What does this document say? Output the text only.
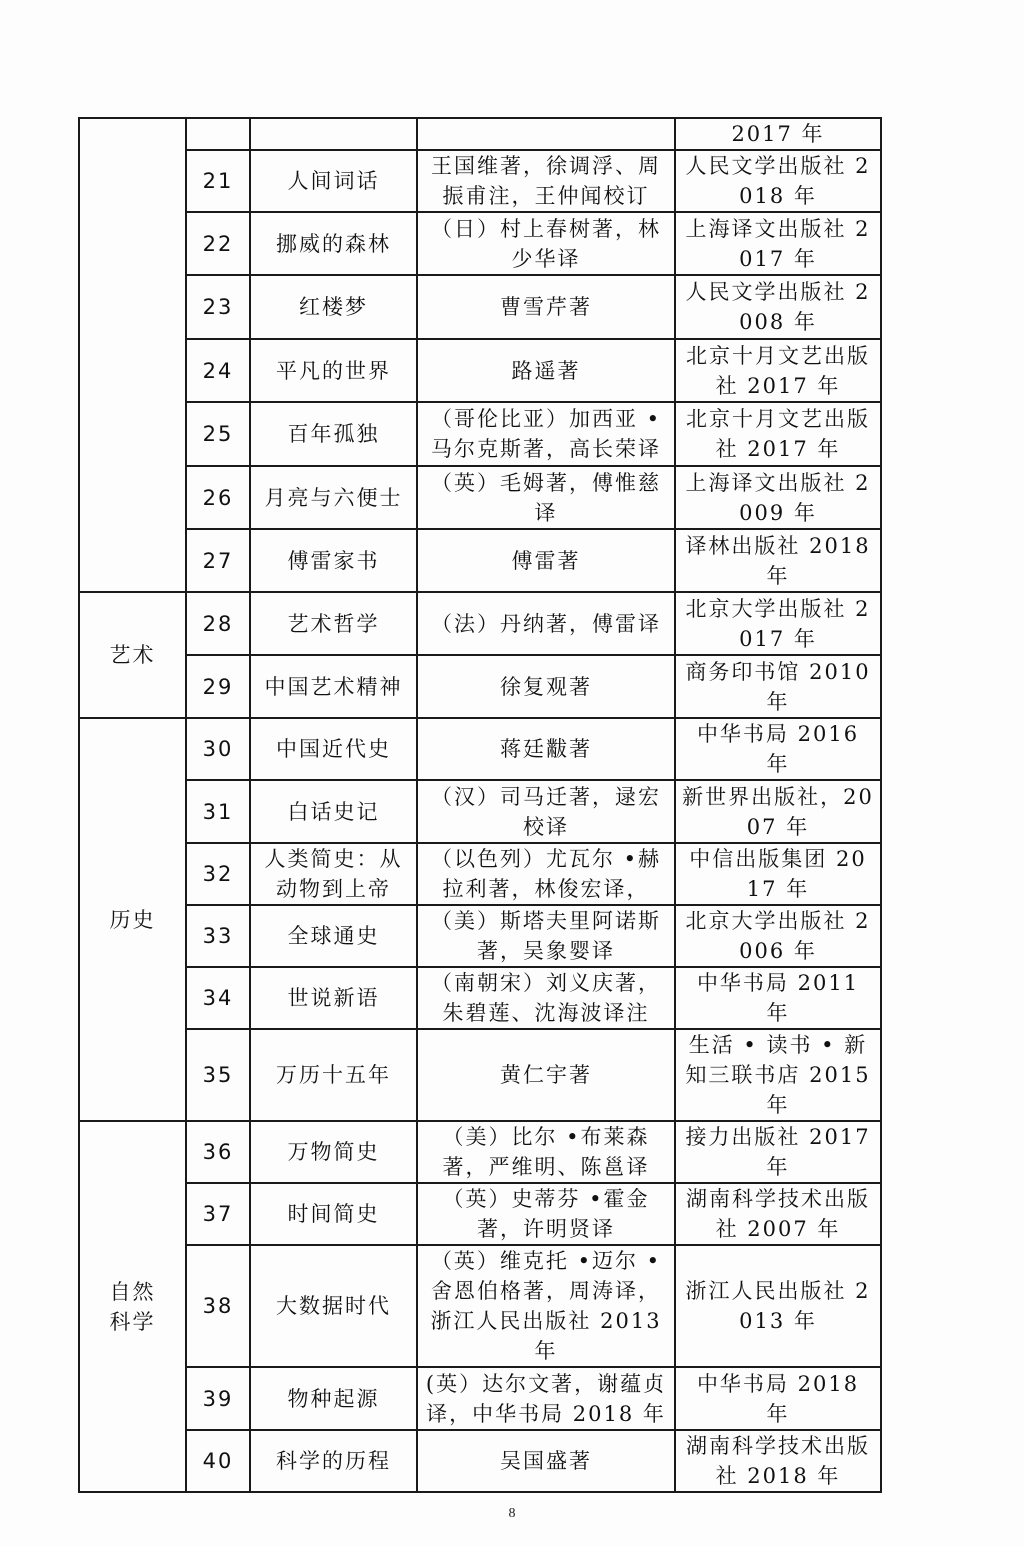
				2017 年
	21	人间词话	王国维著，徐调浮、周振甫注，王仲闻校订	人民文学出版社 2018 年
	22	挪威的森林	（日）村上春树著，林少华译	上海译文出版社 2017 年
	23	红楼梦	曹雪芹著	人民文学出版社 2008 年
	24	平凡的世界	路遥著	北京十月文艺出版社 2017 年
	25	百年孤独	（哥伦比亚）加西亚 •马尔克斯著，高长荣译	北京十月文艺出版社 2017 年
	26	月亮与六便士	（英）毛姆著，傅惟慈译	上海译文出版社 2009 年
	27	傅雷家书	傅雷著	译林出版社 2018 年
艺术	28	艺术哲学	（法）丹纳著，傅雷译	北京大学出版社 2017 年
	29	中国艺术精神	徐复观著	商务印书馆 2010 年
历史	30	中国近代史	蒋廷黻著	中华书局 2016 年
	31	白话史记	（汉）司马迁著，逯宏校译	新世界出版社，2007 年
	32	人类简史：从动物到上帝	（以色列）尤瓦尔 •赫拉利著，林俊宏译，	中信出版集团 2017 年
	33	全球通史	（美）斯塔夫里阿诺斯著，吴象婴译	北京大学出版社 2006 年
	34	世说新语	（南朝宋）刘义庆著，朱碧莲、沈海波译注	中华书局 2011 年
	35	万历十五年	黄仁宇著	生活 • 读书 • 新知三联书店 2015 年
自然科学	36	万物简史	（美）比尔 •布莱森著，严维明、陈邕译	接力出版社 2017 年
	37	时间简史	（英）史蒂芬 •霍金著，许明贤译	湖南科学技术出版社 2007 年
	38	大数据时代	（英）维克托 •迈尔 •舍恩伯格著，周涛译，浙江人民出版社 2013 年	浙江人民出版社 2013 年
	39	物种起源	(英）达尔文著，谢蕴贞译，中华书局 2018 年	中华书局 2018 年
	40	科学的历程	吴国盛著	湖南科学技术出版社 2018 年
8
